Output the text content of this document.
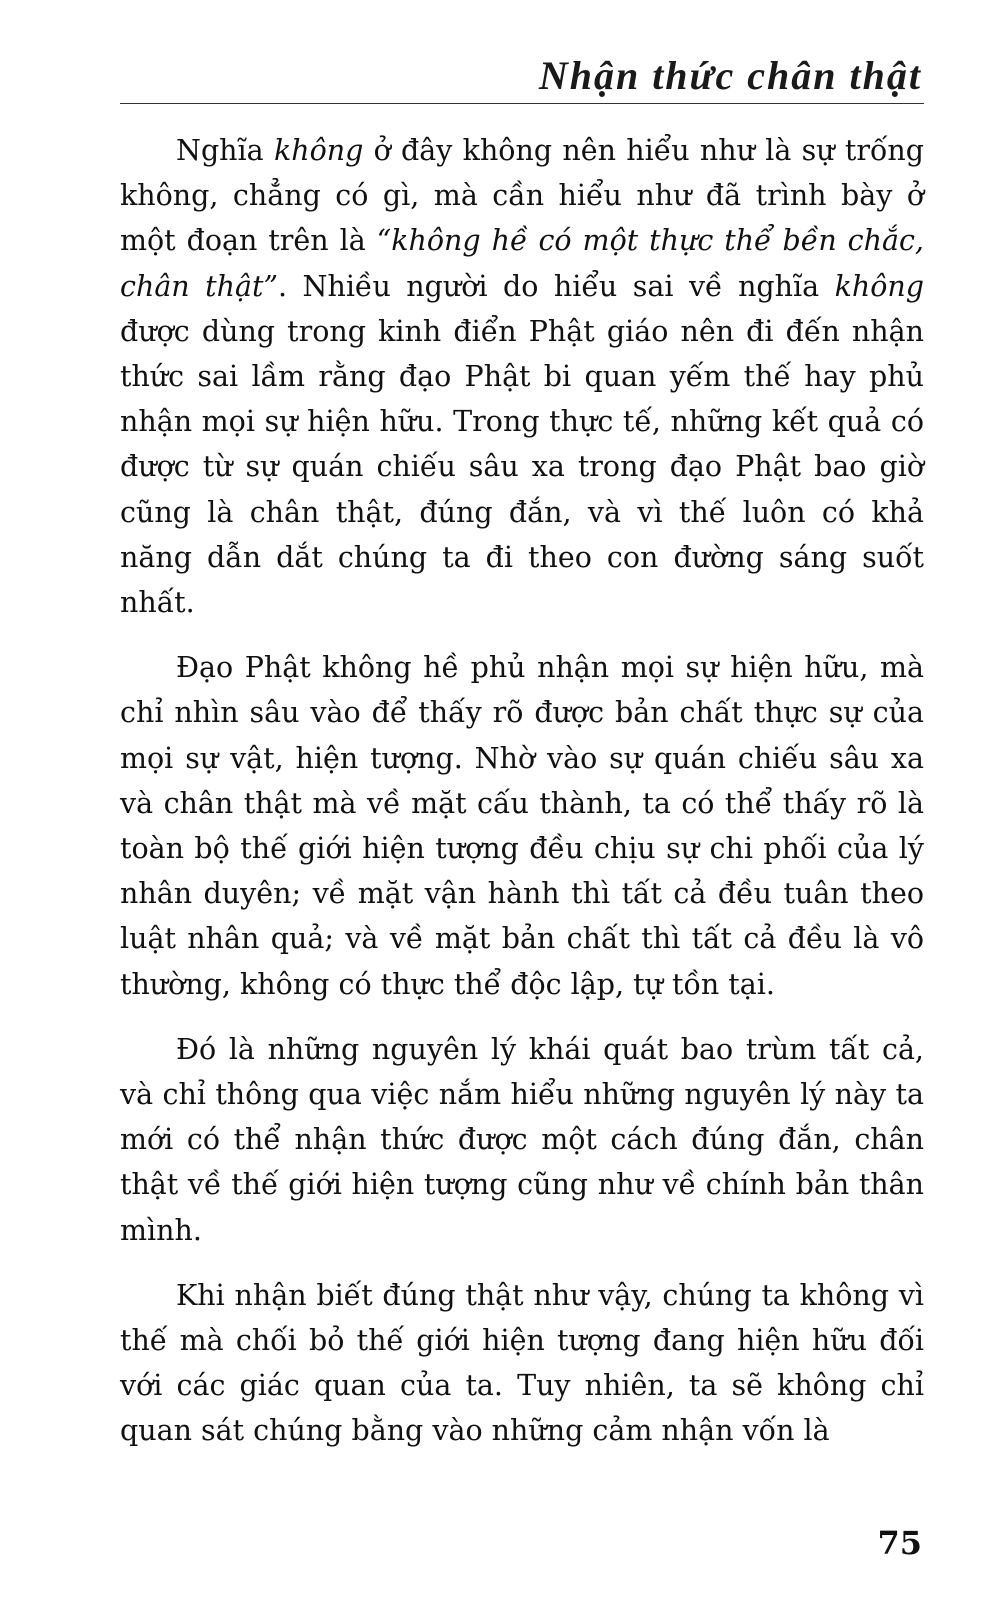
Nhận thức chân thật

Nghĩa không ở đây không nên hiểu như là sự trống không, chẳng có gì, mà cần hiểu như đã trình bày ở một đoạn trên là “không hề có một thực thể bền chắc, chân thật”. Nhiều người do hiểu sai về nghĩa không được dùng trong kinh điển Phật giáo nên đi đến nhận thức sai lầm rằng đạo Phật bi quan yếm thế hay phủ nhận mọi sự hiện hữu. Trong thực tế, những kết quả có được từ sự quán chiếu sâu xa trong đạo Phật bao giờ cũng là chân thật, đúng đắn, và vì thế luôn có khả năng dẫn dắt chúng ta đi theo con đường sáng suốt nhất.

Đạo Phật không hề phủ nhận mọi sự hiện hữu, mà chỉ nhìn sâu vào để thấy rõ được bản chất thực sự của mọi sự vật, hiện tượng. Nhờ vào sự quán chiếu sâu xa và chân thật mà về mặt cấu thành, ta có thể thấy rõ là toàn bộ thế giới hiện tượng đều chịu sự chi phối của lý nhân duyên; về mặt vận hành thì tất cả đều tuân theo luật nhân quả; và về mặt bản chất thì tất cả đều là vô thường, không có thực thể độc lập, tự tồn tại.

Đó là những nguyên lý khái quát bao trùm tất cả, và chỉ thông qua việc nắm hiểu những nguyên lý này ta mới có thể nhận thức được một cách đúng đắn, chân thật về thế giới hiện tượng cũng như về chính bản thân mình.

Khi nhận biết đúng thật như vậy, chúng ta không vì thế mà chối bỏ thế giới hiện tượng đang hiện hữu đối với các giác quan của ta. Tuy nhiên, ta sẽ không chỉ quan sát chúng bằng vào những cảm nhận vốn là

75
